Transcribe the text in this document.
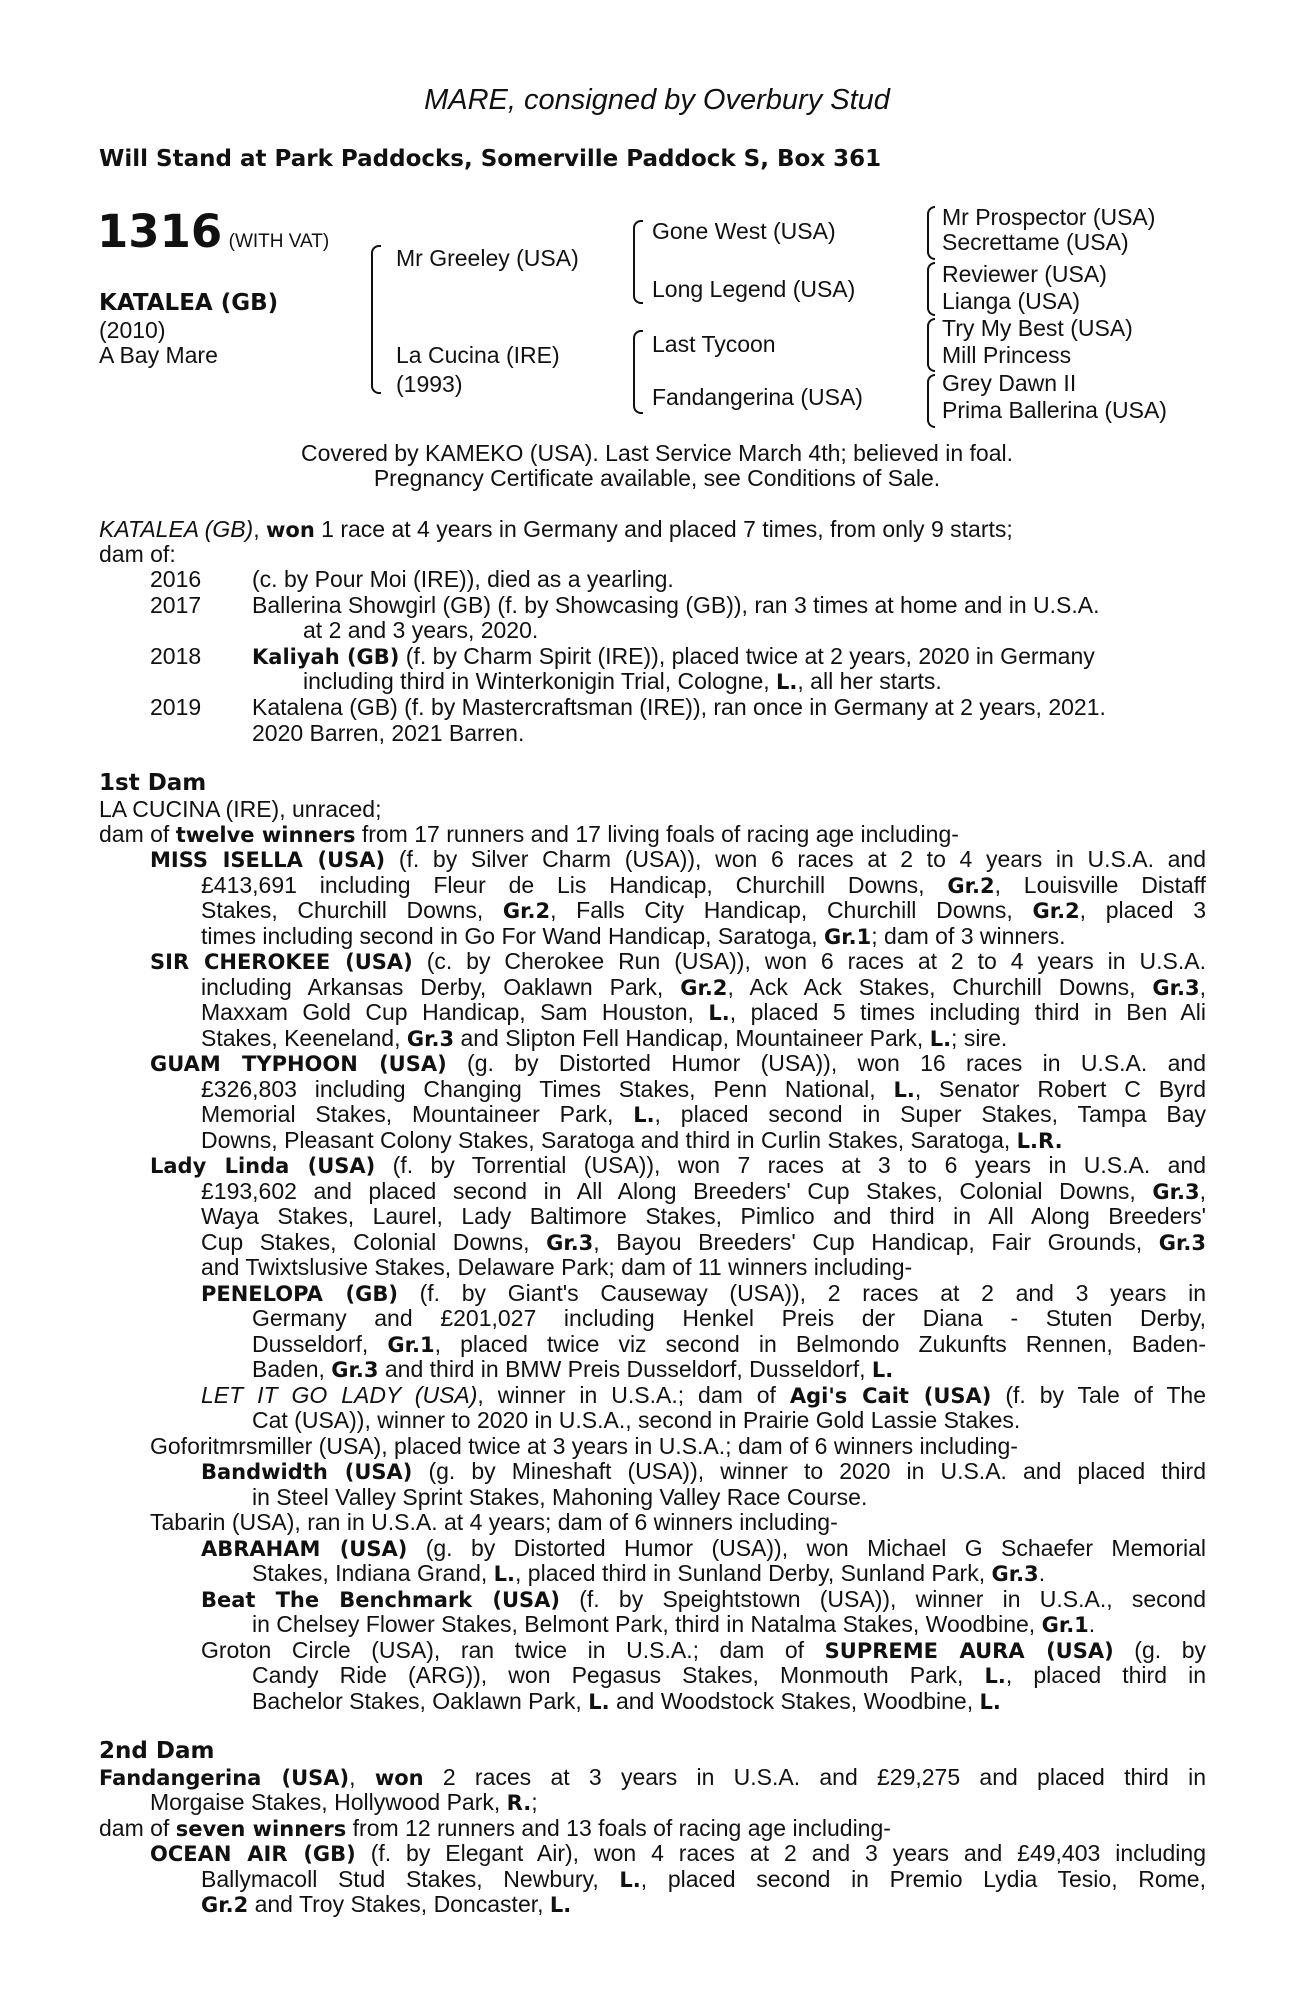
MARE, consigned by Overbury Stud
Will Stand at Park Paddocks, Somerville Paddock S, Box 361
1316 (WITH VAT)
KATALEA (GB)
(2010)
A Bay Mare
Mr Greeley (USA)
La Cucina (IRE)
(1993)
Gone West (USA)
Long Legend (USA)
Last Tycoon
Fandangerina (USA)
Mr Prospector (USA)
Secrettame (USA)
Reviewer (USA)
Lianga (USA)
Try My Best (USA)
Mill Princess
Grey Dawn II
Prima Ballerina (USA)
Covered by KAMEKO (USA). Last Service March 4th; believed in foal.
Pregnancy Certificate available, see Conditions of Sale.
KATALEA (GB), won 1 race at 4 years in Germany and placed 7 times, from only 9 starts;
dam of:
2016 (c. by Pour Moi (IRE)), died as a yearling.
2017 Ballerina Showgirl (GB) (f. by Showcasing (GB)), ran 3 times at home and in U.S.A.
at 2 and 3 years, 2020.
2018 Kaliyah (GB) (f. by Charm Spirit (IRE)), placed twice at 2 years, 2020 in Germany
including third in Winterkonigin Trial, Cologne, L., all her starts.
2019 Katalena (GB) (f. by Mastercraftsman (IRE)), ran once in Germany at 2 years, 2021.
2020 Barren, 2021 Barren.
1st Dam
LA CUCINA (IRE), unraced;
dam of twelve winners from 17 runners and 17 living foals of racing age including-
MISS ISELLA (USA) (f. by Silver Charm (USA)), won 6 races at 2 to 4 years in U.S.A. and
£413,691 including Fleur de Lis Handicap, Churchill Downs, Gr.2, Louisville Distaff
Stakes, Churchill Downs, Gr.2, Falls City Handicap, Churchill Downs, Gr.2, placed 3
times including second in Go For Wand Handicap, Saratoga, Gr.1; dam of 3 winners.
SIR CHEROKEE (USA) (c. by Cherokee Run (USA)), won 6 races at 2 to 4 years in U.S.A.
including Arkansas Derby, Oaklawn Park, Gr.2, Ack Ack Stakes, Churchill Downs, Gr.3,
Maxxam Gold Cup Handicap, Sam Houston, L., placed 5 times including third in Ben Ali
Stakes, Keeneland, Gr.3 and Slipton Fell Handicap, Mountaineer Park, L.; sire.
GUAM TYPHOON (USA) (g. by Distorted Humor (USA)), won 16 races in U.S.A. and
£326,803 including Changing Times Stakes, Penn National, L., Senator Robert C Byrd
Memorial Stakes, Mountaineer Park, L., placed second in Super Stakes, Tampa Bay
Downs, Pleasant Colony Stakes, Saratoga and third in Curlin Stakes, Saratoga, L.R.
Lady Linda (USA) (f. by Torrential (USA)), won 7 races at 3 to 6 years in U.S.A. and
£193,602 and placed second in All Along Breeders' Cup Stakes, Colonial Downs, Gr.3,
Waya Stakes, Laurel, Lady Baltimore Stakes, Pimlico and third in All Along Breeders'
Cup Stakes, Colonial Downs, Gr.3, Bayou Breeders' Cup Handicap, Fair Grounds, Gr.3
and Twixtslusive Stakes, Delaware Park; dam of 11 winners including-
PENELOPA (GB) (f. by Giant's Causeway (USA)), 2 races at 2 and 3 years in
Germany and £201,027 including Henkel Preis der Diana - Stuten Derby,
Dusseldorf, Gr.1, placed twice viz second in Belmondo Zukunfts Rennen, Baden-
Baden, Gr.3 and third in BMW Preis Dusseldorf, Dusseldorf, L.
LET IT GO LADY (USA), winner in U.S.A.; dam of Agi's Cait (USA) (f. by Tale of The
Cat (USA)), winner to 2020 in U.S.A., second in Prairie Gold Lassie Stakes.
Goforitmrsmiller (USA), placed twice at 3 years in U.S.A.; dam of 6 winners including-
Bandwidth (USA) (g. by Mineshaft (USA)), winner to 2020 in U.S.A. and placed third
in Steel Valley Sprint Stakes, Mahoning Valley Race Course.
Tabarin (USA), ran in U.S.A. at 4 years; dam of 6 winners including-
ABRAHAM (USA) (g. by Distorted Humor (USA)), won Michael G Schaefer Memorial
Stakes, Indiana Grand, L., placed third in Sunland Derby, Sunland Park, Gr.3.
Beat The Benchmark (USA) (f. by Speightstown (USA)), winner in U.S.A., second
in Chelsey Flower Stakes, Belmont Park, third in Natalma Stakes, Woodbine, Gr.1.
Groton Circle (USA), ran twice in U.S.A.; dam of SUPREME AURA (USA) (g. by
Candy Ride (ARG)), won Pegasus Stakes, Monmouth Park, L., placed third in
Bachelor Stakes, Oaklawn Park, L. and Woodstock Stakes, Woodbine, L.
2nd Dam
Fandangerina (USA), won 2 races at 3 years in U.S.A. and £29,275 and placed third in
Morgaise Stakes, Hollywood Park, R.;
dam of seven winners from 12 runners and 13 foals of racing age including-
OCEAN AIR (GB) (f. by Elegant Air), won 4 races at 2 and 3 years and £49,403 including
Ballymacoll Stud Stakes, Newbury, L., placed second in Premio Lydia Tesio, Rome,
Gr.2 and Troy Stakes, Doncaster, L.
